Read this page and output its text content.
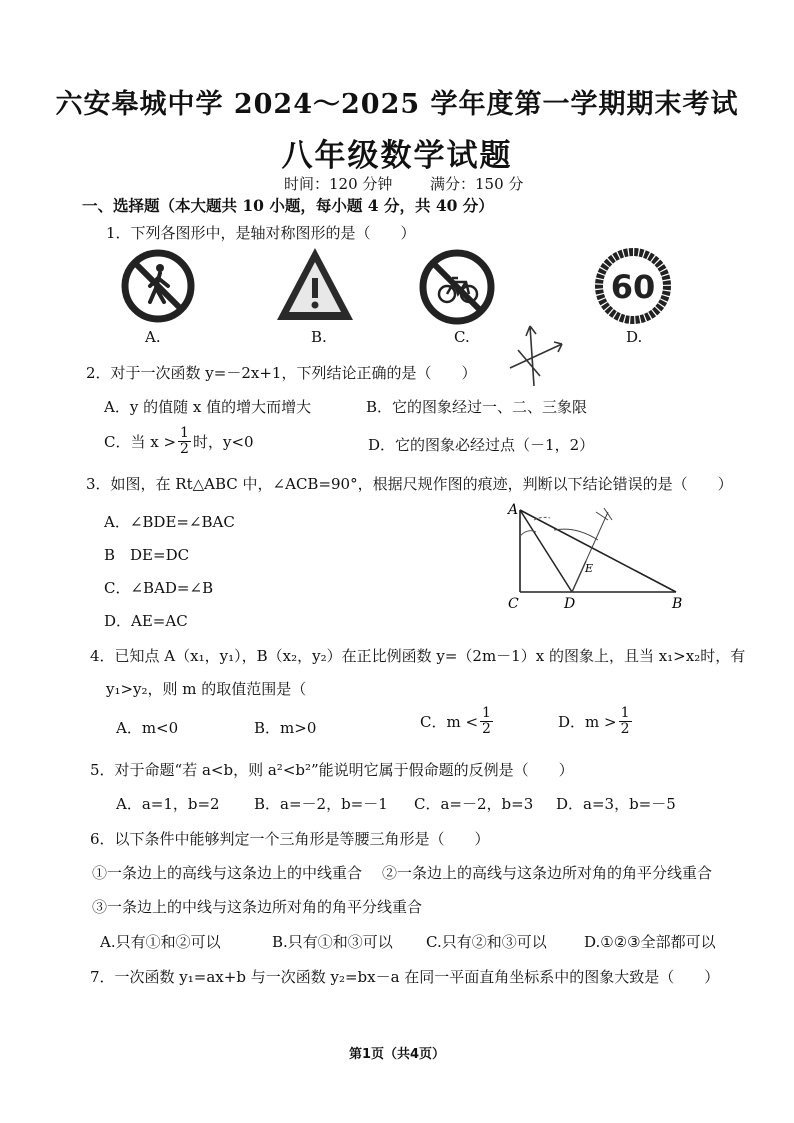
六安皋城中学 2024～2025 学年度第一学期期末考试
八年级数学试题
时间：120 分钟	满分：150 分
一、选择题（本大题共 10 小题，每小题 4 分，共 40 分）
1．下列各图形中，是轴对称图形的是（　　）
A.	B.	C.
60
D.
2．对于一次函数 y=－2x+1，下列结论正确的是（　　）
A．y 的值随 x 值的增大而增大	B．它的图象经过一、二、三象限
C．当 $x > \frac{1}{2}$ 时，y<0	D．它的图象必经过点（－1，2）
3．如图，在 Rt△ABC 中，∠ACB=90°，根据尺规作图的痕迹，判断以下结论错误的是（　　）
A．∠BDE=∠BAC
B　DE=DC
C．∠BAD=∠B
D．AE=AC
A
C	D	B
E
4．已知点 A（x₁，y₁），B（x₂，y₂）在正比例函数 y=（2m－1）x 的图象上，且当 x₁>x₂时，有
y₁>y₂，则 m 的取值范围是（
A．m<0	B．m>0	C．$m < \frac{1}{2}$	D．$m > \frac{1}{2}$
5．对于命题“若 a<b，则 a²<b²”能说明它属于假命题的反例是（　　）
A．a=1，b=2 B．a=－2，b=－1 C．a=－2，b=3 D．a=3，b=－5
6．以下条件中能够判定一个三角形是等腰三角形是（　　）
①一条边上的高线与这条边上的中线重合 ②一条边上的高线与这条边所对角的角平分线重合
③一条边上的中线与这条边所对角的角平分线重合
A.只有①和②可以	B.只有①和③可以 C.只有②和③可以 D.①②③全部都可以
7．一次函数 y₁=ax+b 与一次函数 y₂=bx－a 在同一平面直角坐标系中的图象大致是（　　）
第1页（共4页）
